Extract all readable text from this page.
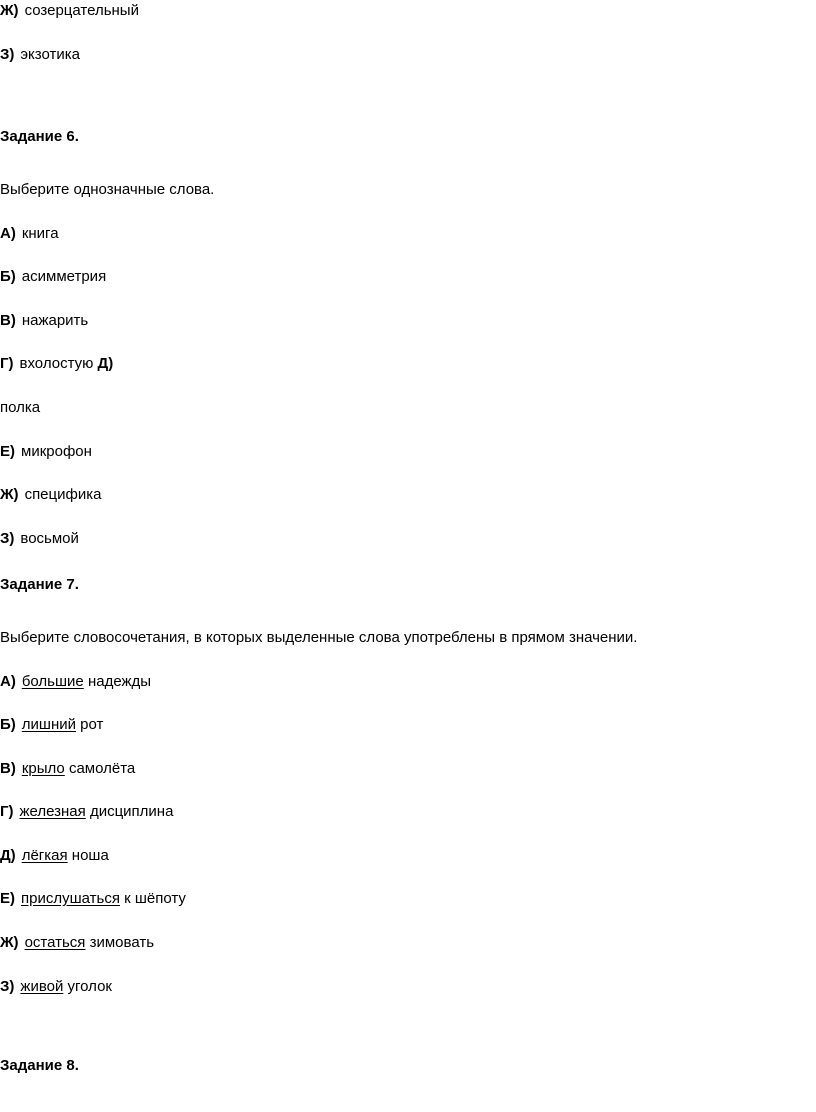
Ж) созерцательный
З) экзотика
Задание 6.
Выберите однозначные слова.
А) книга
Б) асимметрия
В) нажарить
Г) вхолостую Д)
полка
Е) микрофон
Ж) специфика
З) восьмой
Задание 7.
Выберите словосочетания, в которых выделенные слова употреблены в прямом значении.
А) большие надежды
Б) лишний рот
В) крыло самолёта
Г) железная дисциплина
Д) лёгкая ноша
Е) прислушаться к шёпоту
Ж) остаться зимовать
З) живой уголок
Задание 8.
